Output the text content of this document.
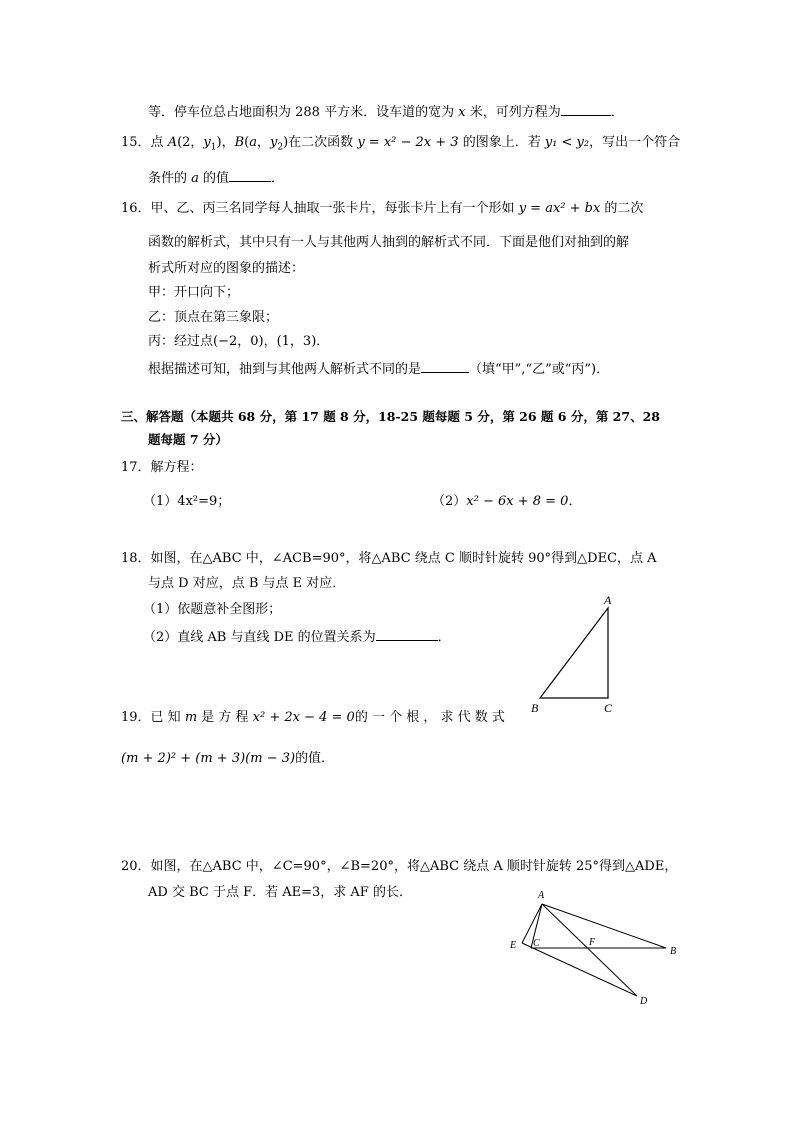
等．停车位总占地面积为 288 平方米．设车道的宽为 x 米，可列方程为	．
15．点 A(2，$y_1$)，B(a，$y_2$)在二次函数 y = x² − 2x + 3 的图象上．若 y₁ < y₂，写出一个符合
条件的 a 的值	．
16．甲、乙、丙三名同学每人抽取一张卡片，每张卡片上有一个形如 y = ax² + bx 的二次
函数的解析式，其中只有一人与其他两人抽到的解析式不同．下面是他们对抽到的解
析式所对应的图象的描述：
甲：开口向下；
乙：顶点在第三象限；
丙：经过点(−2，0)，(1，3)．
根据描述可知，抽到与其他两人解析式不同的是	（填“甲”,“乙”或“丙”)．
三、解答题（本题共 68 分，第 17 题 8 分，18-25 题每题 5 分，第 26 题 6 分，第 27、28
题每题 7 分）
17．解方程：
（1）4x²=9；	（2）x² − 6x + 8 = 0．
18．如图，在△ABC 中，∠ACB=90°，将△ABC 绕点 C 顺时针旋转 90°得到△DEC，点 A
与点 D 对应，点 B 与点 E 对应．
（1）依题意补全图形；
（2）直线 AB 与直线 DE 的位置关系为	．
A
B	C
19．已 知 m 是 方 程 x² + 2x − 4 = 0的 一 个 根 ， 求 代 数 式
(m + 2)² + (m + 3)(m − 3)的值．
20．如图，在△ABC 中，∠C=90°，∠B=20°，将△ABC 绕点 A 顺时针旋转 25°得到△ADE，
AD 交 BC 于点 F．若 AE=3，求 AF 的长．	A
E C	F
B
D
